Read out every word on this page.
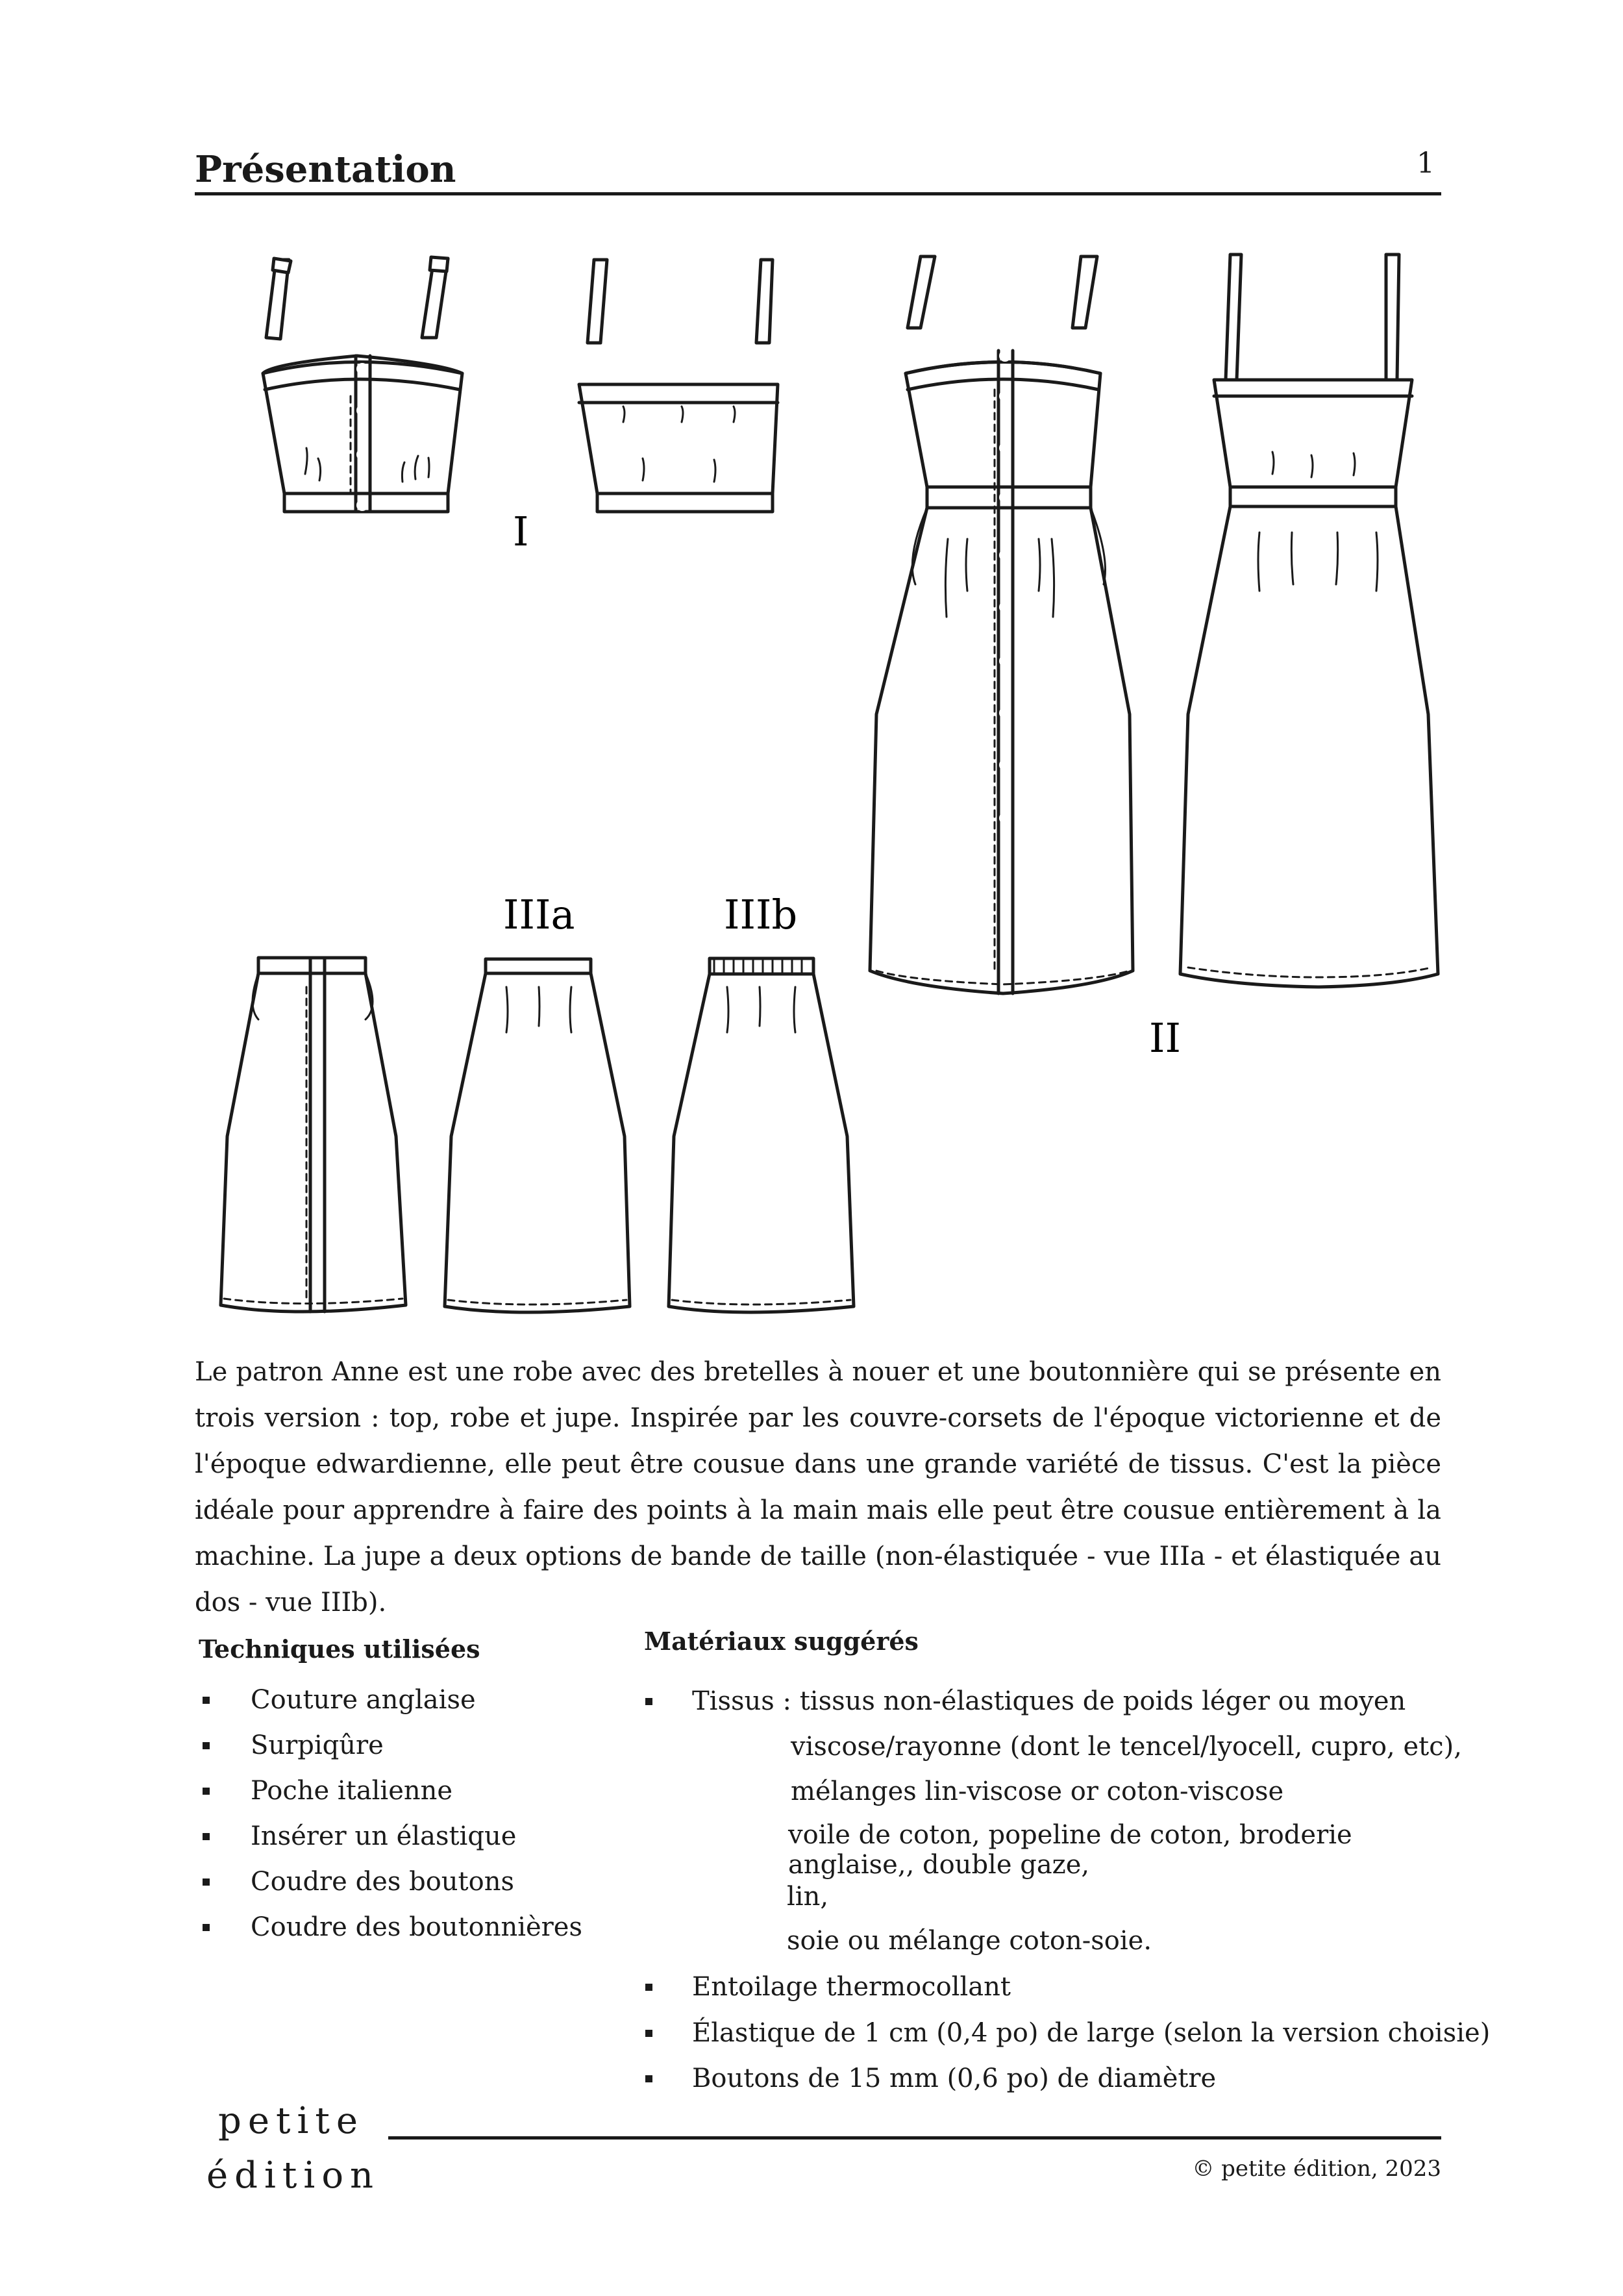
Présentation	1
I
II
IIIa	IIIb

Le patron Anne est une robe avec des bretelles à nouer et une boutonnière qui se présente en trois version : top, robe et jupe. Inspirée par les couvre-corsets de l'époque victorienne et de l'époque edwardienne, elle peut être cousue dans une grande variété de tissus. C'est la pièce idéale pour apprendre à faire des points à la main mais elle peut être cousue entièrement à la machine. La jupe a deux options de bande de taille (non-élastiquée - vue IIIa - et élastiquée au dos - vue IIIb).

Techniques utilisées
Couture anglaise
Surpiqûre
Poche italienne
Insérer un élastique
Coudre des boutons
Coudre des boutonnières
Matériaux suggérés
Tissus : tissus non-élastiques de poids léger ou moyen
viscose/rayonne (dont le tencel/lyocell, cupro, etc),
mélanges lin-viscose or coton-viscose
voile de coton, popeline de coton, broderie anglaise,, double gaze,
lin,
soie ou mélange coton-soie.
Entoilage thermocollant
Élastique de 1 cm (0,4 po) de large (selon la version choisie)
Boutons de 15 mm (0,6 po) de diamètre
petite
édition	© petite édition, 2023
